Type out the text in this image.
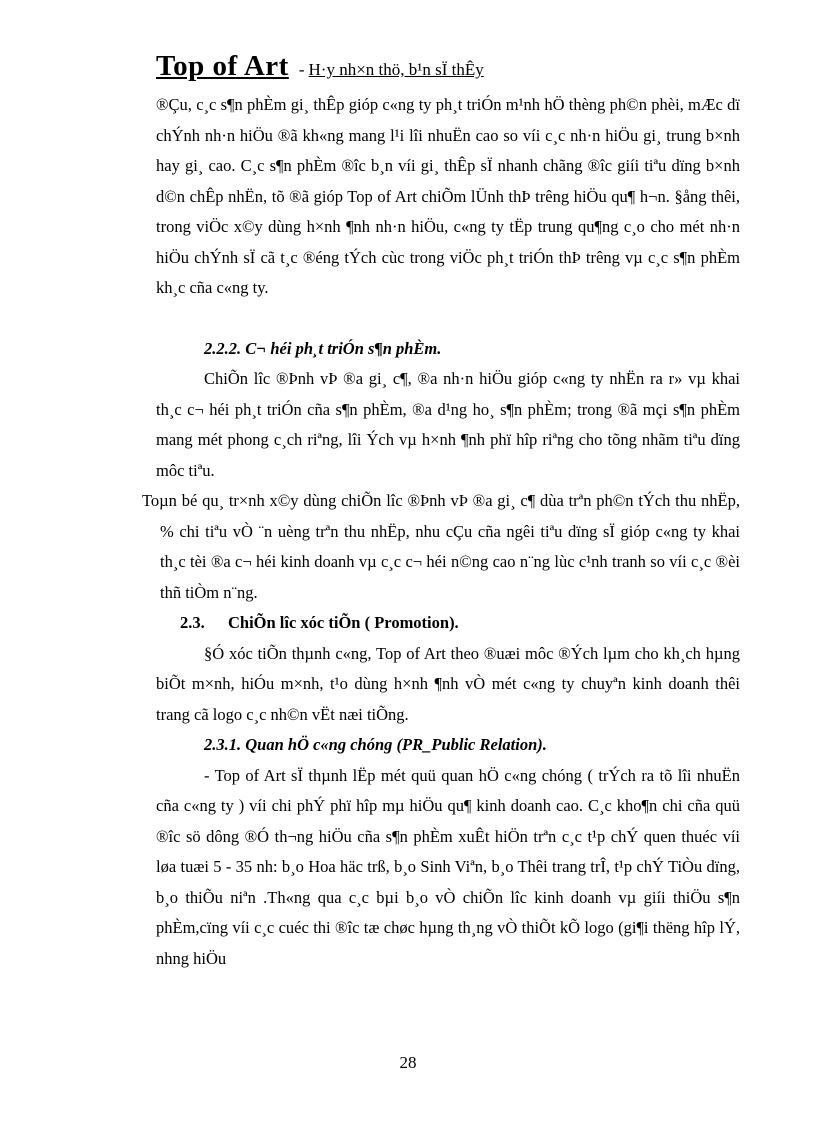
Top of Art - H·y nh×n thö, b¹n sÏ thÊy

®Çu, c¸c s¶n phÈm gi¸ thÊp gióp c«ng ty ph¸t triÓn m¹nh hÖ thèng ph©n phèi, mÆc dï chÝnh nh·n hiÖu ®ã kh«ng mang l¹i lîi nhuËn cao so víi c¸c nh·n hiÖu gi¸ trung b×nh hay gi¸ cao. C¸c s¶n phÈm ®îc b¸n víi gi¸ thÊp sÏ nhanh chãng ®îc giíi tiªu dïng b×nh d©n chÊp nhËn, tõ ®ã gióp Top of Art chiÕm lÜnh thÞ trêng hiÖu qu¶ h¬n. §ång thêi, trong viÖc x©y dùng h×nh ¶nh nh·n hiÖu, c«ng ty tËp trung qu¶ng c¸o cho mét nh·n hiÖu chÝnh sÏ cã t¸c ®éng tÝch cùc trong viÖc ph¸t triÓn thÞ trêng vµ c¸c s¶n phÈm kh¸c cña c«ng ty.

2.2.2. C¬ héi ph¸t triÓn s¶n phÈm.

ChiÕn lîc ®Þnh vÞ ®a gi¸ c¶, ®a nh·n hiÖu gióp c«ng ty nhËn ra r» vµ khai th¸c c¬ héi ph¸t triÓn cña s¶n phÈm, ®a d¹ng ho¸ s¶n phÈm; trong ®ã mçi s¶n phÈm mang mét phong c¸ch riªng, lîi Ých vµ h×nh ¶nh phï hîp riªng cho tõng nhãm tiªu dïng môc tiªu.

Toµn bé qu¸ tr×nh x©y dùng chiÕn lîc ®Þnh vÞ ®a gi¸ c¶ dùa trªn ph©n tÝch thu nhËp, % chi tiªu vÒ ¨n uèng trªn thu nhËp, nhu cÇu cña ngêi tiªu dïng sÏ gióp c«ng ty khai th¸c tèi ®a c¬ héi kinh doanh vµ c¸c c¬ héi n©ng cao n¨ng lùc c¹nh tranh so víi c¸c ®èi thñ tiÒm n¨ng.

2.3. ChiÕn lîc xóc tiÕn ( Promotion).

§Ó xóc tiÕn thµnh c«ng, Top of Art theo ®uæi môc ®Ých lµm cho kh¸ch hµng biÕt m×nh, hiÓu m×nh, t¹o dùng h×nh ¶nh vÒ mét c«ng ty chuyªn kinh doanh thêi trang cã logo c¸c nh©n vËt næi tiÕng.

2.3.1. Quan hÖ c«ng chóng (PR_Public Relation).

- Top of Art sÏ thµnh lËp mét quü quan hÖ c«ng chóng ( trÝch ra tõ lîi nhuËn cña c«ng ty ) víi chi phÝ phï hîp mµ hiÖu qu¶ kinh doanh cao. C¸c kho¶n chi cña quü ®îc sö dông ®Ó th¬ng hiÖu cña s¶n phÈm xuÊt hiÖn trªn c¸c t¹p chÝ quen thuéc víi løa tuæi 5 - 35 nh: b¸o Hoa häc trß, b¸o Sinh Viªn, b¸o Thêi trang trÎ, t¹p chÝ TiÒu dïng, b¸o thiÕu niªn .Th«ng qua c¸c bµi b¸o vÒ chiÕn lîc kinh doanh vµ giíi thiÖu s¶n phÈm,cïng víi c¸c cuéc thi ®îc tæ chøc hµng th¸ng vÒ thiÕt kÕ logo (gi¶i thëng hîp lÝ, nhng hiÖu

28
